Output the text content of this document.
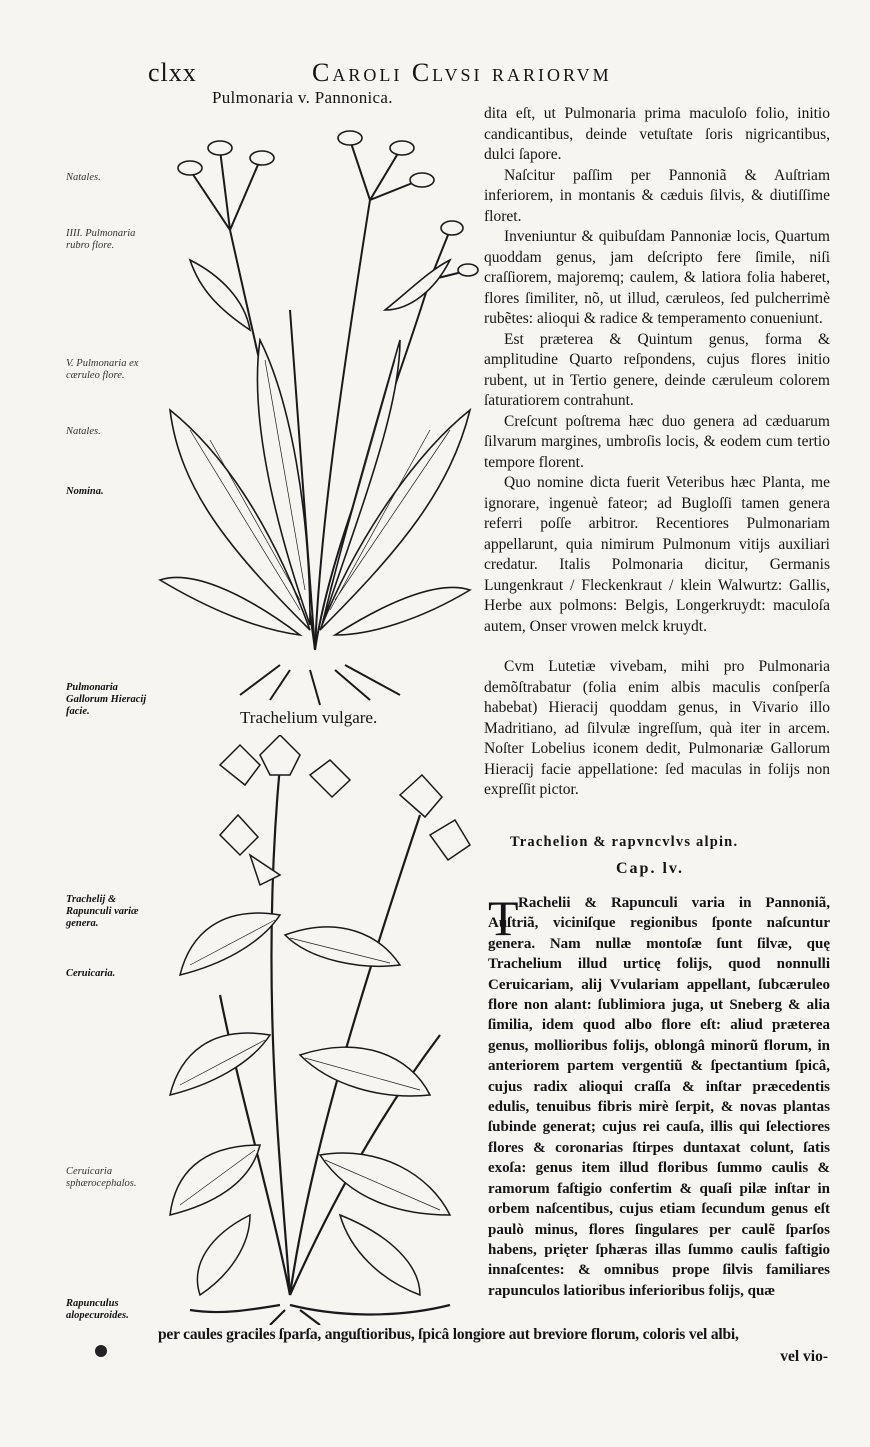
clxx	Caroli Clvsi rariorvm
Pulmonaria v. Pannonica.
Natales.
IIII. Pulmonaria rubro flore.
V. Pulmonaria ex cæruleo flore.
Natales.
Nomina.
Pulmonaria Gallorum Hieracij facie.
Trachelij & Rapunculi variæ genera.
Ceruicaria.
Ceruicaria sphærocephalos.
Rapunculus alopecuroides.
Trachelium vulgare.

dita eſt, ut Pulmonaria prima maculoſo folio, initio candicantibus, deinde vetuſtate ſoris nigricantibus, dulci ſapore.

Naſcitur paſſim per Pannoniã & Auſtriam inferiorem, in montanis & cæduis ſilvis, & diutiſſime floret.

Inveniuntur & quibuſdam Pannoniæ locis, Quartum quoddam genus, jam deſcripto fere ſimile, niſi craſſiorem, majoremq; caulem, & latiora folia haberet, flores ſimiliter, nõ, ut illud, cæruleos, ſed pulcherrimè rubẽtes: alioqui & radice & temperamento conueniunt.

Est præterea & Quintum genus, forma & amplitudine Quarto reſpondens, cujus flores initio rubent, ut in Tertio genere, deinde cæruleum colorem ſaturatiorem contrahunt.

Creſcunt poſtrema hæc duo genera ad cæduarum ſilvarum margines, umbroſis locis, & eodem cum tertio tempore florent.

Quo nomine dicta fuerit Veteribus hæc Planta, me ignorare, ingenuè fateor; ad Bugloſſi tamen genera referri poſſe arbitror. Recentiores Pulmonariam appellarunt, quia nimirum Pulmonum vitijs auxiliari credatur. Italis Polmonaria dicitur, Germanis Lungenkraut / Fleckenkraut / klein Walwurtz: Gallis, Herbe aux polmons: Belgis, Longerkruydt: maculoſa autem, Onser vrowen melck kruydt.

Cvm Lutetiæ vivebam, mihi pro Pulmonaria demõſtrabatur (folia enim albis maculis conſperſa habebat) Hieracij quoddam genus, in Vivario illo Madritiano, ad ſilvulæ ingreſſum, quà iter in arcem. Noſter Lobelius iconem dedit, Pulmonariæ Gallorum Hieracij facie appellatione: ſed maculas in folijs non expreſſit pictor.

Trachelion & rapvncvlvs alpin.
Cap. lv.
T Rachelii & Rapunculi varia in Pannoniã, Auſtriã, viciniſque regionibus ſponte naſcuntur genera. Nam nullæ montoſæ ſunt ſilvæ, quę Trachelium illud urticę folijs, quod nonnulli Ceruicariam, alij Vvulariam appellant, ſubcæruleo flore non alant: ſublimiora juga, ut Sneberg & alia ſimilia, idem quod albo flore eſt: aliud præterea genus, mollioribus folijs, oblongâ minorũ florum, in anteriorem partem vergentiũ & ſpectantium ſpicâ, cujus radix alioqui craſſa & inſtar præcedentis edulis, tenuibus fibris mirè ſerpit, & novas plantas ſubinde generat; cujus rei cauſa, illis qui ſelectiores flores & coronarias ſtirpes duntaxat colunt, ſatis exoſa: genus item illud floribus ſummo caulis & ramorum faſtigio confertim & quaſi pilæ inſtar in orbem naſcentibus, cujus etiam ſecundum genus eſt paulò minus, flores ſingulares per caulẽ ſparſos habens, prięter ſphæras illas ſummo caulis faſtigio innaſcentes: & omnibus prope ſilvis familiares rapunculos latioribus inferioribus folijs, quæ
per caules graciles ſparſa, anguſtioribus, ſpicâ longiore aut breviore florum, coloris vel albi,
vel vio-
